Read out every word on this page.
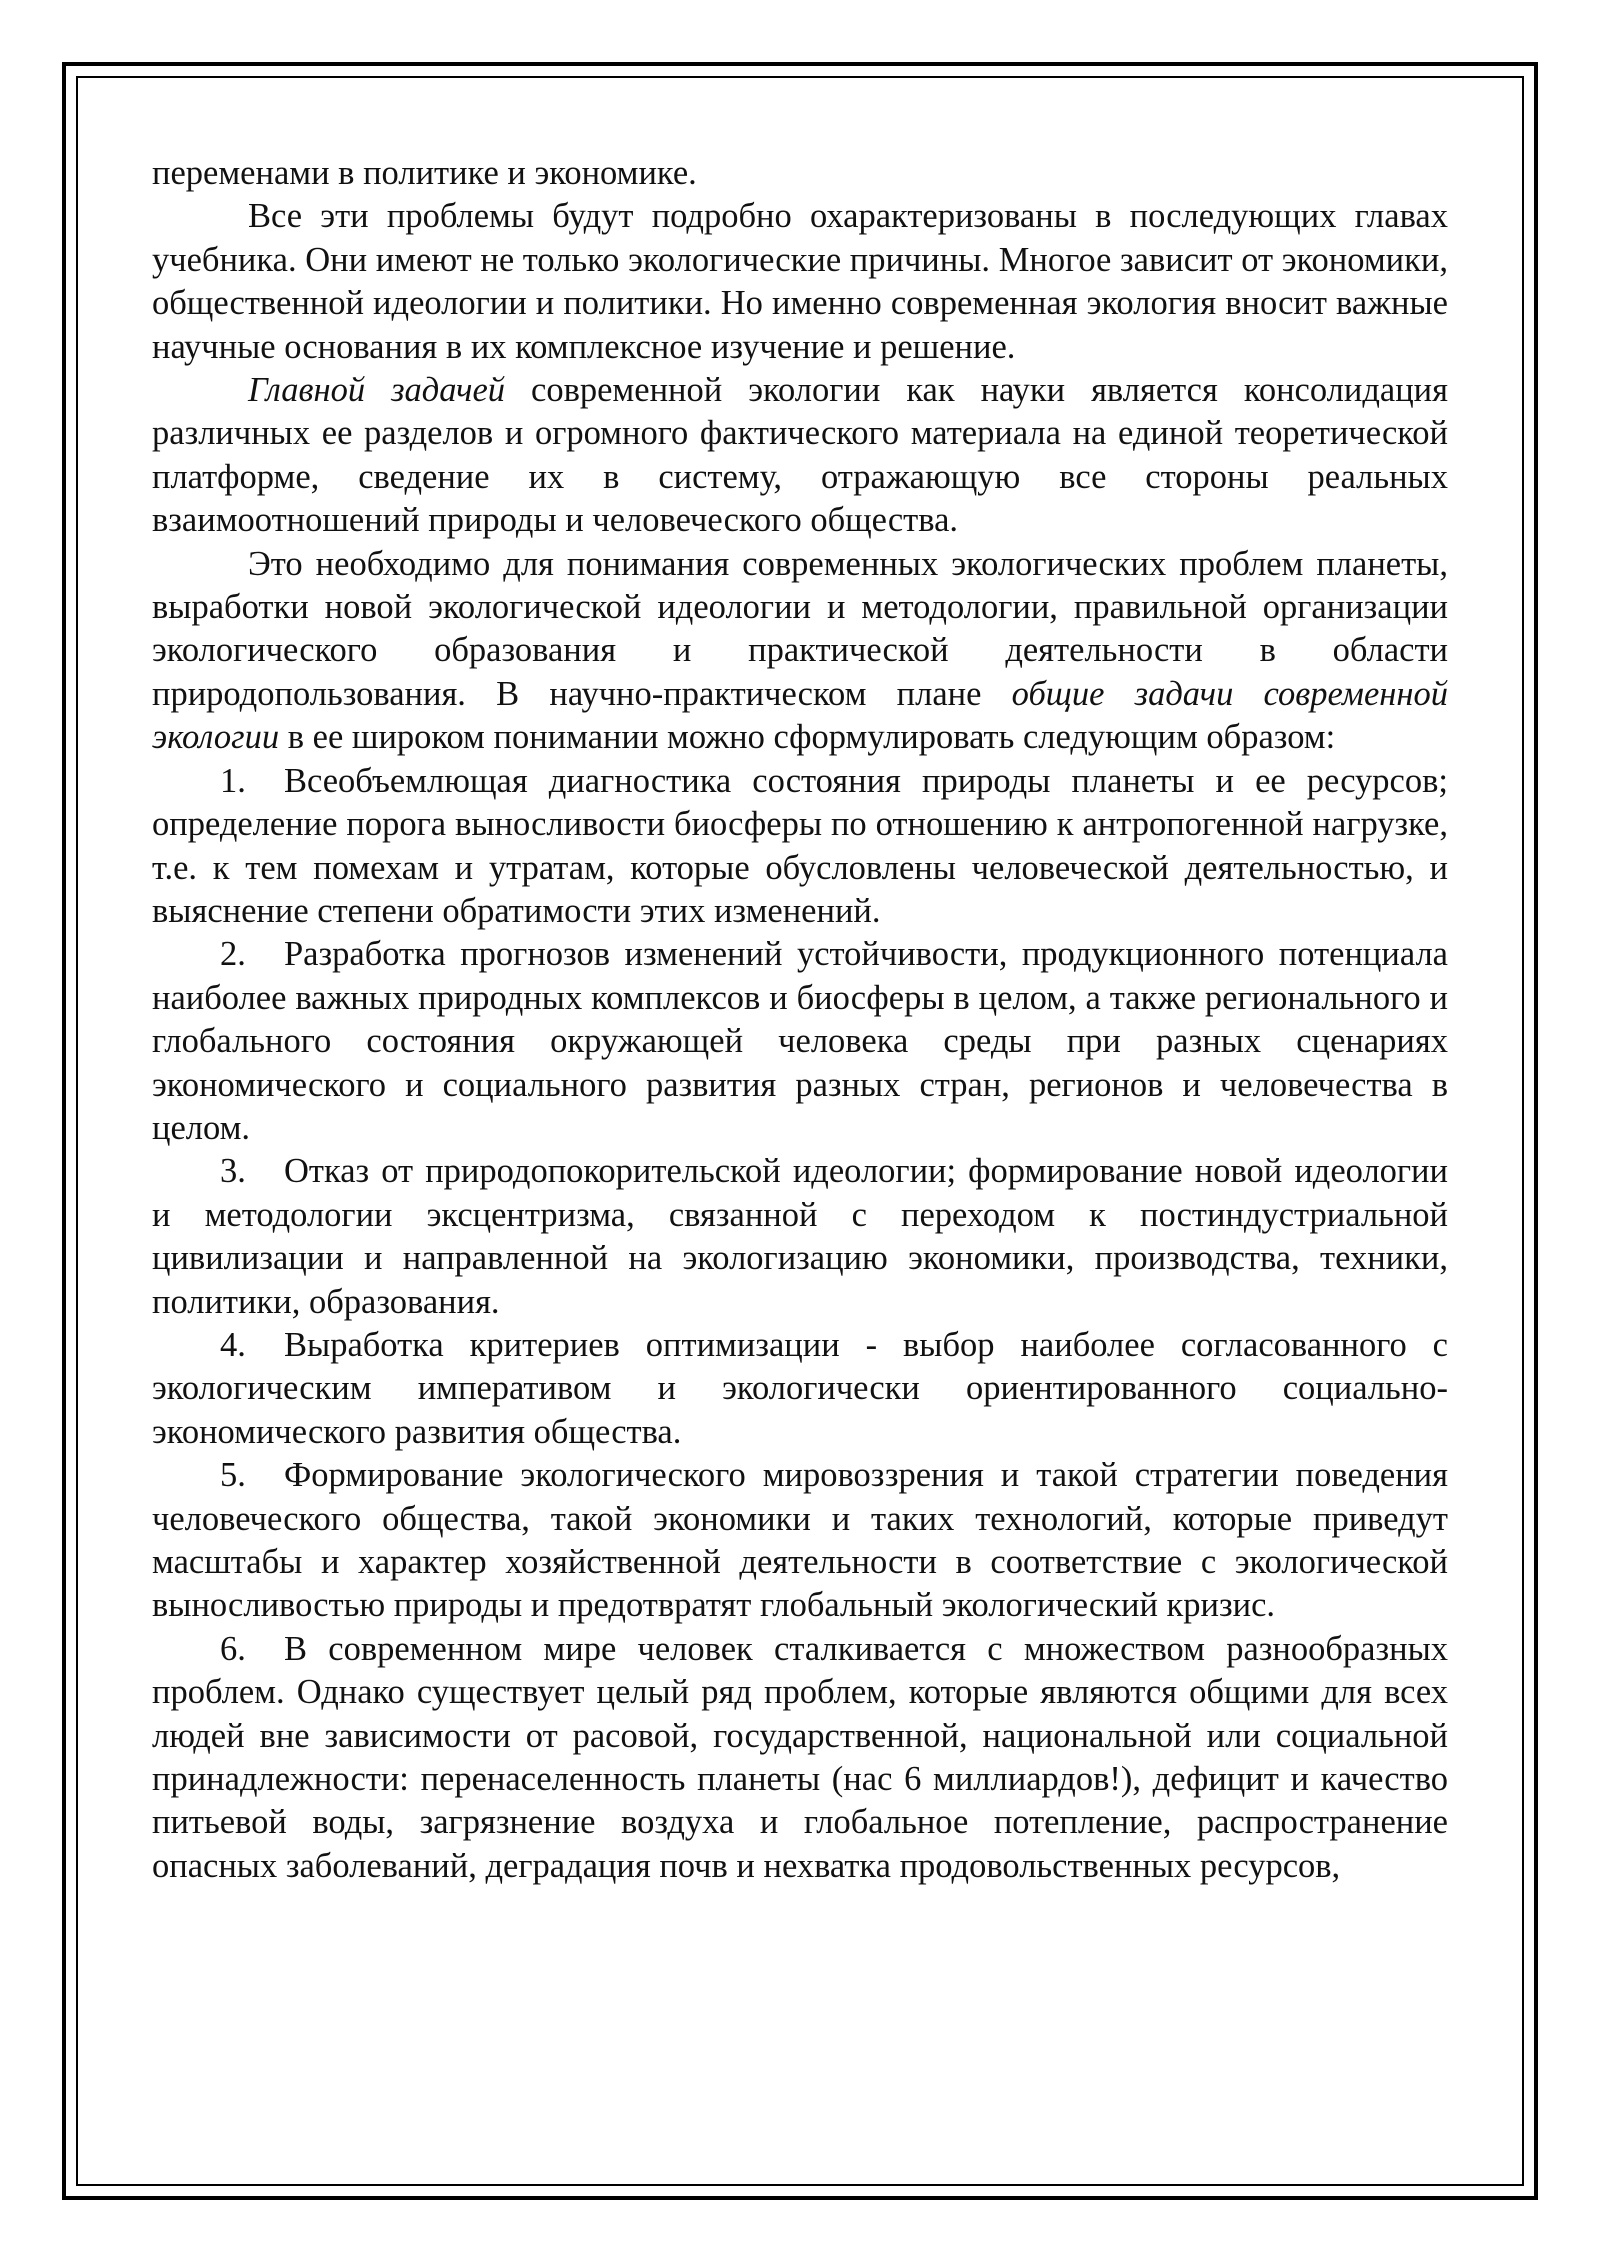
переменами в политике и экономике.

Все эти проблемы будут подробно охарактеризованы в последующих главах учебника. Они имеют не только экологические причины. Многое зависит от экономики, общественной идеологии и политики. Но именно современная экология вносит важные научные основания в их комплексное изучение и решение.

Главной задачей современной экологии как науки является консолидация различных ее разделов и огромного фактического материала на единой теоретической платформе, сведение их в систему, отражающую все стороны реальных взаимоотношений природы и человеческого общества.

Это необходимо для понимания современных экологических проблем планеты, выработки новой экологической идеологии и методологии, правильной организации экологического образования и практической деятельности в области природопользования. В научно-практическом плане общие задачи современной экологии в ее широком понимании можно сформулировать следующим образом:

1. Всеобъемлющая диагностика состояния природы планеты и ее ресурсов; определение порога выносливости биосферы по отношению к антропогенной нагрузке, т.е. к тем помехам и утратам, которые обусловлены человеческой деятельностью, и выяснение степени обратимости этих изменений.

2. Разработка прогнозов изменений устойчивости, продукционного потенциала наиболее важных природных комплексов и биосферы в целом, а также регионального и глобального состояния окружающей человека среды при разных сценариях экономического и социального развития разных стран, регионов и человечества в целом.

3. Отказ от природопокорительской идеологии; формирование новой идеологии и методологии эксцентризма, связанной с переходом к постиндустриальной цивилизации и направленной на экологизацию экономики, производства, техники, политики, образования.

4. Выработка критериев оптимизации - выбор наиболее согласованного с экологическим императивом и экологически ориентированного социально-экономического развития общества.

5. Формирование экологического мировоззрения и такой стратегии поведения человеческого общества, такой экономики и таких технологий, которые приведут масштабы и характер хозяйственной деятельности в соответствие с экологической выносливостью природы и предотвратят глобальный экологический кризис.

6. В современном мире человек сталкивается с множеством разнообразных проблем. Однако существует целый ряд проблем, которые являются общими для всех людей вне зависимости от расовой, государственной, национальной или социальной принадлежности: перенаселенность планеты (нас 6 миллиардов!), дефицит и качество питьевой воды, загрязнение воздуха и глобальное потепление, распространение опасных заболеваний, деградация почв и нехватка продовольственных ресурсов,
